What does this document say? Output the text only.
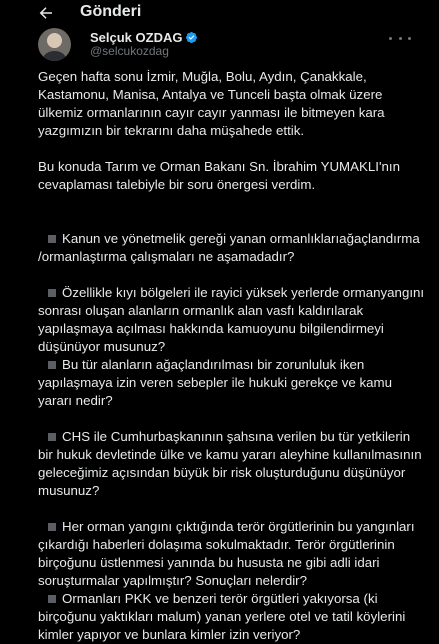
Gönderi
Selçuk OZDAG
@selcukozdag

Geçen hafta sonu İzmir, Muğla, Bolu, Aydın, Çanakkale, Kastamonu, Manisa, Antalya ve Tunceli başta olmak üzere ülkemiz ormanlarının cayır cayır yanması ile bitmeyen kara yazgımızın bir tekrarını daha müşahede ettik.

Bu konuda Tarım ve Orman Bakanı Sn. İbrahim YUMAKLI'nın cevaplaması talebiyle bir soru önergesi verdim.

Kanun ve yönetmelik gereği yanan ormanlıklarıağaçlandırma /ormanlaştırma çalışmaları ne aşamadadır?

Özellikle kıyı bölgeleri ile rayici yüksek yerlerde ormanyangını sonrası oluşan alanların ormanlık alan vasfı kaldırılarak yapılaşmaya açılması hakkında kamuoyunu bilgilendirmeyi düşünüyor musunuz?
Bu tür alanların ağaçlandırılması bir zorunluluk iken yapılaşmaya izin veren sebepler ile hukuki gerekçe ve kamu yararı nedir?

CHS ile Cumhurbaşkanının şahsına verilen bu tür yetkilerin bir hukuk devletinde ülke ve kamu yararı aleyhine kullanılmasının geleceğimiz açısından büyük bir risk oluşturduğunu düşünüyor musunuz?

Her orman yangını çıktığında terör örgütlerinin bu yangınları çıkardığı haberleri dolaşıma sokulmaktadır. Terör örgütlerinin birçoğunu üstlenmesi yanında bu hususta ne gibi adli idari soruşturmalar yapılmıştır? Sonuçları nelerdir?
Ormanları PKK ve benzeri terör örgütleri yakıyorsa (ki birçoğunu yaktıkları malum) yanan yerlere otel ve tatil köylerini kimler yapıyor ve bunlara kimler izin veriyor?
